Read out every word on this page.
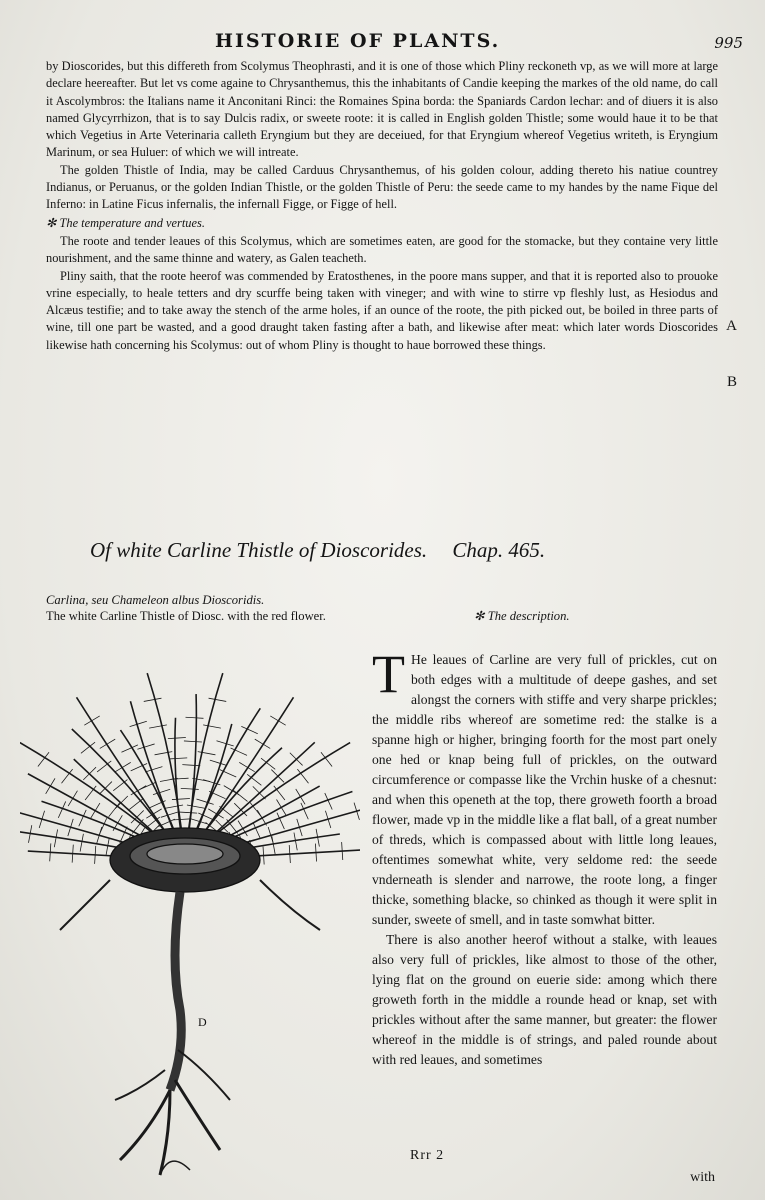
HISTORIE OF PLANTS.	995

by Dioscorides, but this differeth from Scolymus Theophrasti, and it is one of those which Pliny reckoneth vp, as we will more at large declare heereafter. But let vs come againe to Chrysanthemus, this the inhabitants of Candie keeping the markes of the old name, do call it Ascolymbros: the Italians name it Anconitani Rinci: the Romaines Spina borda: the Spaniards Cardon lechar: and of diuers it is also named Glycyrrhizon, that is to say Dulcis radix, or sweete roote: it is called in English golden Thistle; some would haue it to be that which Vegetius in Arte Veterinaria calleth Eryngium but they are deceiued, for that Eryngium whereof Vegetius writeth, is Eryngium Marinum, or sea Huluer: of which we will intreate.

The golden Thistle of India, may be called Carduus Chrysanthemus, of his golden colour, adding thereto his natiue countrey Indianus, or Peruanus, or the golden Indian Thistle, or the golden Thistle of Peru: the seede came to my handes by the name Fique del Inferno: in Latine Ficus infernalis, the infernall Figge, or Figge of hell.

✻ The temperature and vertues.

The roote and tender leaues of this Scolymus, which are sometimes eaten, are good for the stomacke, but they containe very little nourishment, and the same thinne and watery, as Galen teacheth.

Pliny saith, that the roote heerof was commended by Eratosthenes, in the poore mans supper, and that it is reported also to prouoke vrine especially, to heale tetters and dry scurffe being taken with vineger; and with wine to stirre vp fleshly lust, as Hesiodus and Alcæus testifie; and to take away the stench of the arme holes, if an ounce of the roote, the pith picked out, be boiled in three parts of wine, till one part be wasted, and a good draught taken fasting after a bath, and likewise after meat: which later words Dioscorides likewise hath concerning his Scolymus: out of whom Pliny is thought to haue borrowed these things.

A
B
Of white Carline Thistle of Dioscorides. Chap. 465.
Carlina, seu Chameleon albus Dioscoridis.
The white Carline Thistle of Diosc. with the red flower.	✻ The description.
D

T He leaues of Carline are very full of prickles, cut on both edges with a multitude of deepe gashes, and set alongst the corners with stiffe and very sharpe prickles; the middle ribs whereof are sometime red: the stalke is a spanne high or higher, bringing foorth for the most part onely one hed or knap being full of prickles, on the outward circumference or compasse like the Vrchin huske of a chesnut: and when this openeth at the top, there groweth foorth a broad flower, made vp in the middle like a flat ball, of a great number of threds, which is compassed about with little long leaues, oftentimes somewhat white, very seldome red: the seede vnderneath is slender and narrowe, the roote long, a finger thicke, something blacke, so chinked as though it were split in sunder, sweete of smell, and in taste somwhat bitter.

There is also another heerof without a stalke, with leaues also very full of prickles, like almost to those of the other, lying flat on the ground on euerie side: among which there groweth forth in the middle a rounde head or knap, set with prickles without after the same manner, but greater: the flower whereof in the middle is of strings, and paled rounde about with red leaues, and sometimes

Rrr 2
with
